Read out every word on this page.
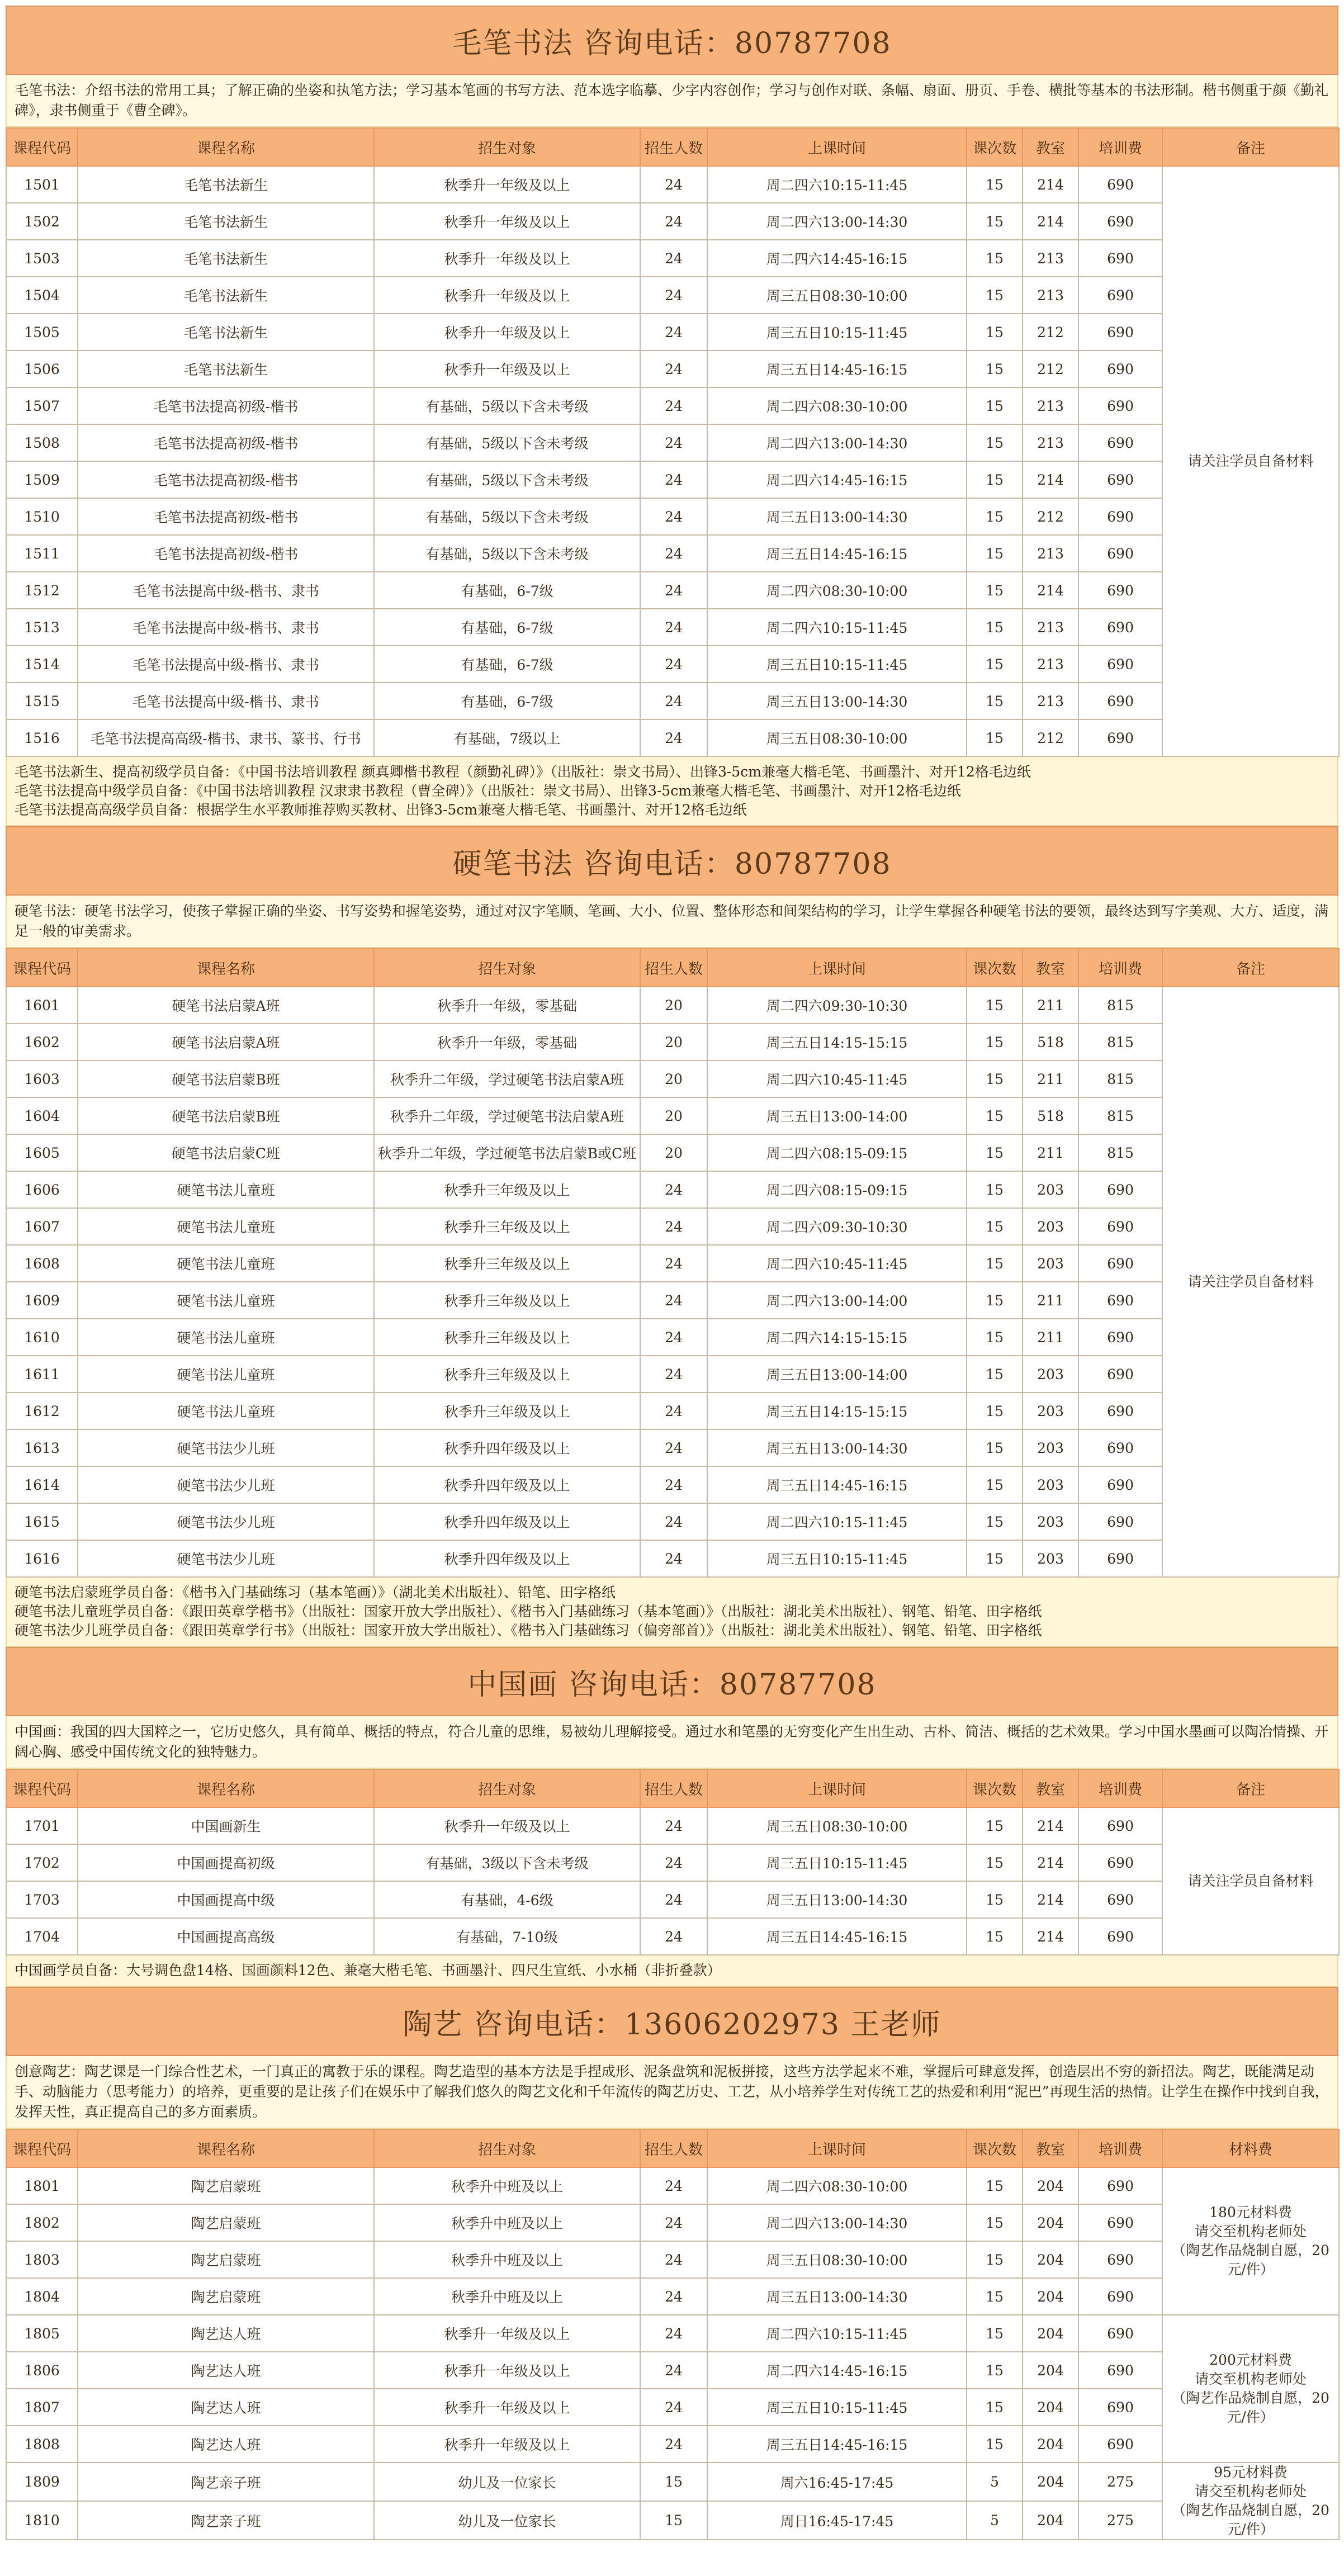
毛笔书法 咨询电话：80787708
毛笔书法：介绍书法的常用工具；了解正确的坐姿和执笔方法；学习基本笔画的书写方法、范本选字临摹、少字内容创作；学习与创作对联、条幅、扇面、册页、手卷、横批等基本的书法形制。楷书侧重于颜《勤礼碑》，隶书侧重于《曹全碑》。
课程代码	课程名称	招生对象	招生人数	上课时间	课次数	教室	培训费	备注
1501	毛笔书法新生	秋季升一年级及以上	24	周二四六10:15-11:45	15	214	690	请关注学员自备材料
1502	毛笔书法新生	秋季升一年级及以上	24	周二四六13:00-14:30	15	214	690	
1503	毛笔书法新生	秋季升一年级及以上	24	周二四六14:45-16:15	15	213	690	
1504	毛笔书法新生	秋季升一年级及以上	24	周三五日08:30-10:00	15	213	690	
1505	毛笔书法新生	秋季升一年级及以上	24	周三五日10:15-11:45	15	212	690	
1506	毛笔书法新生	秋季升一年级及以上	24	周三五日14:45-16:15	15	212	690	
1507	毛笔书法提高初级-楷书	有基础，5级以下含未考级	24	周二四六08:30-10:00	15	213	690	
1508	毛笔书法提高初级-楷书	有基础，5级以下含未考级	24	周二四六13:00-14:30	15	213	690	
1509	毛笔书法提高初级-楷书	有基础，5级以下含未考级	24	周二四六14:45-16:15	15	214	690	
1510	毛笔书法提高初级-楷书	有基础，5级以下含未考级	24	周三五日13:00-14:30	15	212	690	
1511	毛笔书法提高初级-楷书	有基础，5级以下含未考级	24	周三五日14:45-16:15	15	213	690	
1512	毛笔书法提高中级-楷书、隶书	有基础，6-7级	24	周二四六08:30-10:00	15	214	690	
1513	毛笔书法提高中级-楷书、隶书	有基础，6-7级	24	周二四六10:15-11:45	15	213	690	
1514	毛笔书法提高中级-楷书、隶书	有基础，6-7级	24	周三五日10:15-11:45	15	213	690	
1515	毛笔书法提高中级-楷书、隶书	有基础，6-7级	24	周三五日13:00-14:30	15	213	690	
1516	毛笔书法提高高级-楷书、隶书、篆书、行书	有基础，7级以上	24	周三五日08:30-10:00	15	212	690	
毛笔书法新生、提高初级学员自备：《中国书法培训教程 颜真卿楷书教程（颜勤礼碑）》（出版社：崇文书局）、出锋3-5cm兼毫大楷毛笔、书画墨汁、对开12格毛边纸
毛笔书法提高中级学员自备：《中国书法培训教程 汉隶隶书教程（曹全碑）》（出版社：崇文书局）、出锋3-5cm兼毫大楷毛笔、书画墨汁、对开12格毛边纸
毛笔书法提高高级学员自备：根据学生水平教师推荐购买教材、出锋3-5cm兼毫大楷毛笔、书画墨汁、对开12格毛边纸
硬笔书法 咨询电话：80787708
硬笔书法：硬笔书法学习，使孩子掌握正确的坐姿、书写姿势和握笔姿势，通过对汉字笔顺、笔画、大小、位置、整体形态和间架结构的学习，让学生掌握各种硬笔书法的要领，最终达到写字美观、大方、适度，满足一般的审美需求。
课程代码	课程名称	招生对象	招生人数	上课时间	课次数	教室	培训费	备注
1601	硬笔书法启蒙A班	秋季升一年级，零基础	20	周二四六09:30-10:30	15	211	815	请关注学员自备材料
1602	硬笔书法启蒙A班	秋季升一年级，零基础	20	周三五日14:15-15:15	15	518	815	
1603	硬笔书法启蒙B班	秋季升二年级，学过硬笔书法启蒙A班	20	周二四六10:45-11:45	15	211	815	
1604	硬笔书法启蒙B班	秋季升二年级，学过硬笔书法启蒙A班	20	周三五日13:00-14:00	15	518	815	
1605	硬笔书法启蒙C班	秋季升二年级，学过硬笔书法启蒙B或C班	20	周二四六08:15-09:15	15	211	815	
1606	硬笔书法儿童班	秋季升三年级及以上	24	周二四六08:15-09:15	15	203	690	
1607	硬笔书法儿童班	秋季升三年级及以上	24	周二四六09:30-10:30	15	203	690	
1608	硬笔书法儿童班	秋季升三年级及以上	24	周二四六10:45-11:45	15	203	690	
1609	硬笔书法儿童班	秋季升三年级及以上	24	周二四六13:00-14:00	15	211	690	
1610	硬笔书法儿童班	秋季升三年级及以上	24	周二四六14:15-15:15	15	211	690	
1611	硬笔书法儿童班	秋季升三年级及以上	24	周三五日13:00-14:00	15	203	690	
1612	硬笔书法儿童班	秋季升三年级及以上	24	周三五日14:15-15:15	15	203	690	
1613	硬笔书法少儿班	秋季升四年级及以上	24	周三五日13:00-14:30	15	203	690	
1614	硬笔书法少儿班	秋季升四年级及以上	24	周三五日14:45-16:15	15	203	690	
1615	硬笔书法少儿班	秋季升四年级及以上	24	周二四六10:15-11:45	15	203	690	
1616	硬笔书法少儿班	秋季升四年级及以上	24	周三五日10:15-11:45	15	203	690	
硬笔书法启蒙班学员自备：《楷书入门基础练习（基本笔画）》（湖北美术出版社）、铅笔、田字格纸
硬笔书法儿童班学员自备：《跟田英章学楷书》（出版社：国家开放大学出版社）、《楷书入门基础练习（基本笔画）》（出版社：湖北美术出版社）、钢笔、铅笔、田字格纸
硬笔书法少儿班学员自备：《跟田英章学行书》（出版社：国家开放大学出版社）、《楷书入门基础练习（偏旁部首）》（出版社：湖北美术出版社）、钢笔、铅笔、田字格纸
中国画 咨询电话：80787708
中国画：我国的四大国粹之一，它历史悠久，具有简单、概括的特点，符合儿童的思维，易被幼儿理解接受。通过水和笔墨的无穷变化产生出生动、古朴、简洁、概括的艺术效果。学习中国水墨画可以陶冶情操、开阔心胸、感受中国传统文化的独特魅力。
课程代码	课程名称	招生对象	招生人数	上课时间	课次数	教室	培训费	备注
1701	中国画新生	秋季升一年级及以上	24	周三五日08:30-10:00	15	214	690	请关注学员自备材料
1702	中国画提高初级	有基础，3级以下含未考级	24	周三五日10:15-11:45	15	214	690	
1703	中国画提高中级	有基础，4-6级	24	周三五日13:00-14:30	15	214	690	
1704	中国画提高高级	有基础，7-10级	24	周三五日14:45-16:15	15	214	690	
中国画学员自备：大号调色盘14格、国画颜料12色、兼毫大楷毛笔、书画墨汁、四尺生宣纸、小水桶（非折叠款）
陶艺 咨询电话：13606202973 王老师
创意陶艺：陶艺课是一门综合性艺术，一门真正的寓教于乐的课程。陶艺造型的基本方法是手捏成形、泥条盘筑和泥板拼接，这些方法学起来不难，掌握后可肆意发挥，创造层出不穷的新招法。陶艺，既能满足动手、动脑能力（思考能力）的培养，更重要的是让孩子们在娱乐中了解我们悠久的陶艺文化和千年流传的陶艺历史、工艺，从小培养学生对传统工艺的热爱和利用“泥巴”再现生活的热情。让学生在操作中找到自我，发挥天性，真正提高自己的多方面素质。
课程代码	课程名称	招生对象	招生人数	上课时间	课次数	教室	培训费	材料费
1801	陶艺启蒙班	秋季升中班及以上	24	周二四六08:30-10:00	15	204	690	180元材料费
请交至机构老师处
（陶艺作品烧制自愿，20元/件）
1802	陶艺启蒙班	秋季升中班及以上	24	周二四六13:00-14:30	15	204	690	
1803	陶艺启蒙班	秋季升中班及以上	24	周三五日08:30-10:00	15	204	690	
1804	陶艺启蒙班	秋季升中班及以上	24	周三五日13:00-14:30	15	204	690	
1805	陶艺达人班	秋季升一年级及以上	24	周二四六10:15-11:45	15	204	690	200元材料费
请交至机构老师处
（陶艺作品烧制自愿，20元/件）
1806	陶艺达人班	秋季升一年级及以上	24	周二四六14:45-16:15	15	204	690	
1807	陶艺达人班	秋季升一年级及以上	24	周三五日10:15-11:45	15	204	690	
1808	陶艺达人班	秋季升一年级及以上	24	周三五日14:45-16:15	15	204	690	
1809	陶艺亲子班	幼儿及一位家长	15	周六16:45-17:45	5	204	275	95元材料费
请交至机构老师处
（陶艺作品烧制自愿，20元/件）
1810	陶艺亲子班	幼儿及一位家长	15	周日16:45-17:45	5	204	275	
